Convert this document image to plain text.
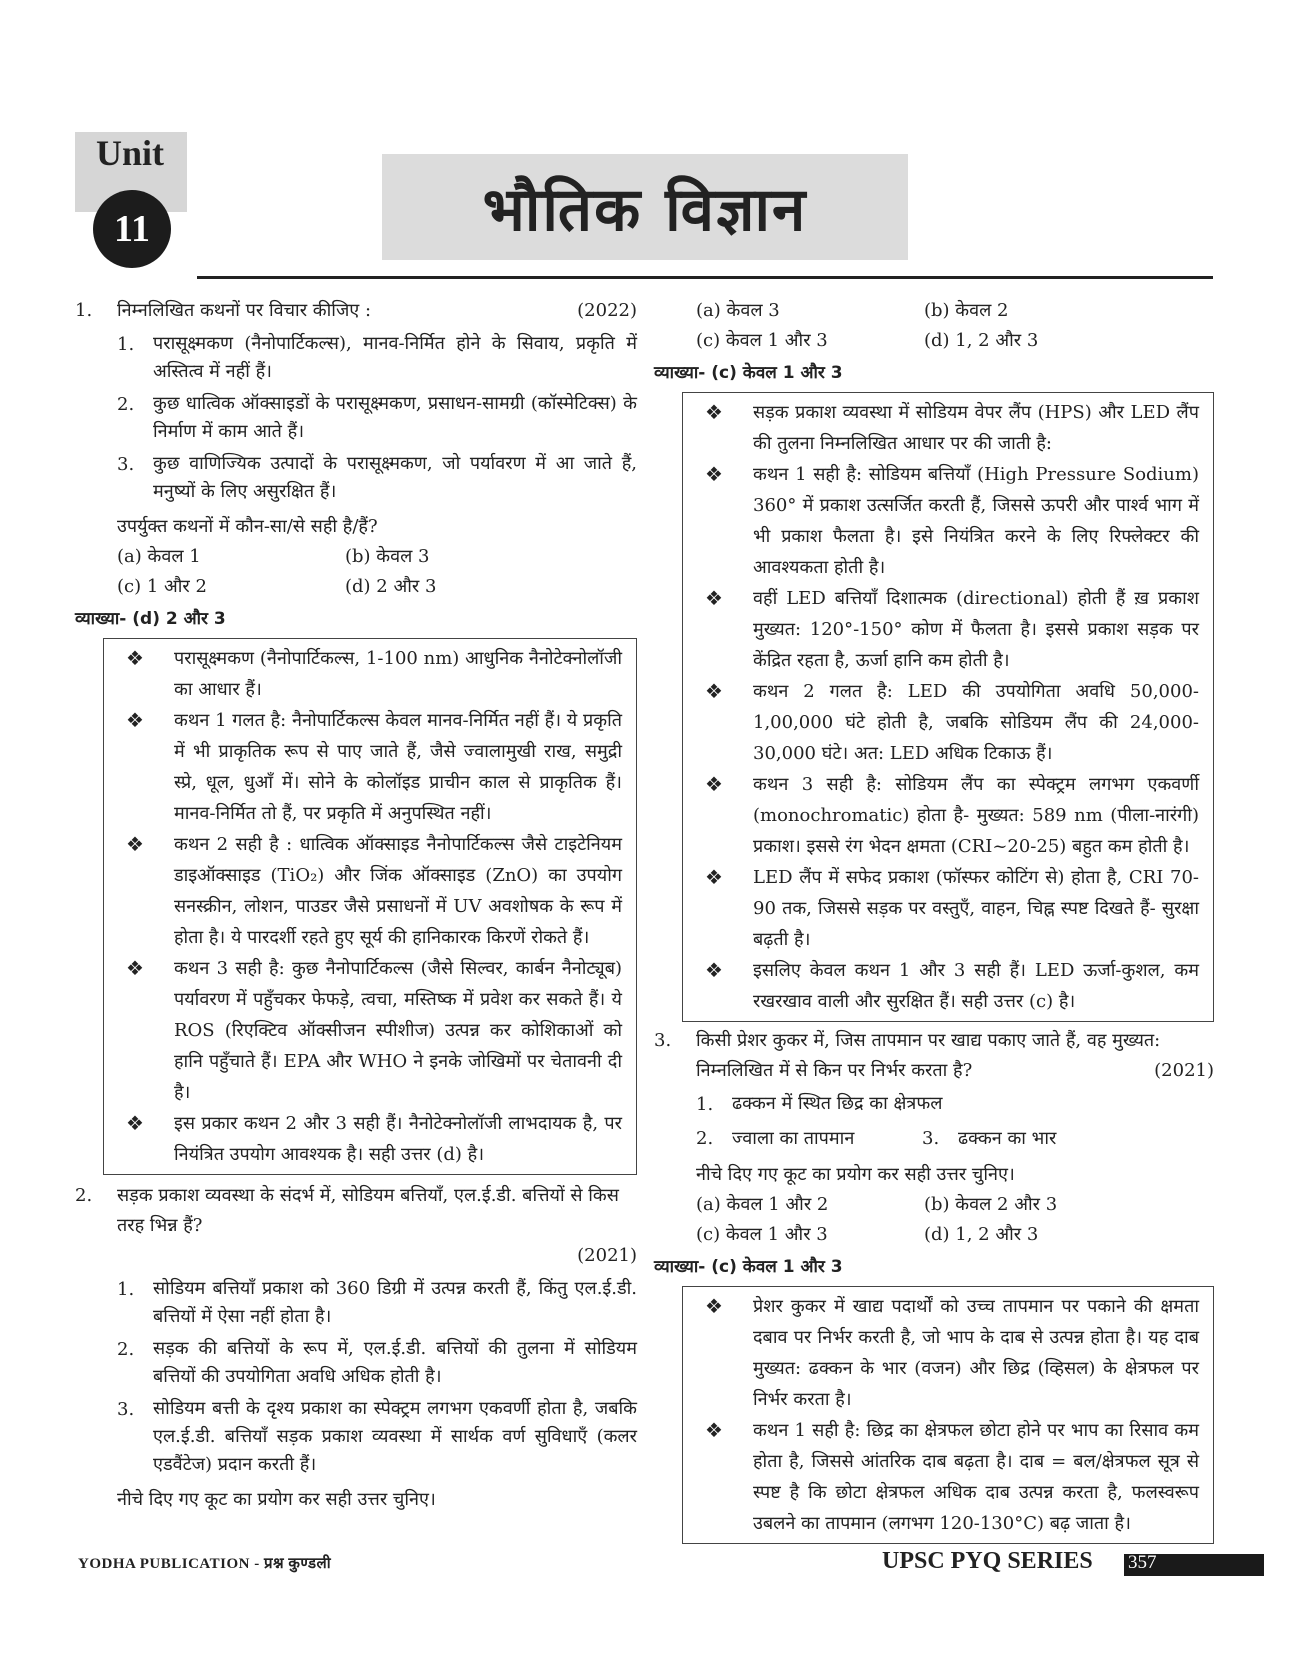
Unit
11	भौतिक विज्ञान
1.	निम्नलिखित कथनों पर विचार कीजिए :	(2022)
1.	परासूक्ष्मकण (नैनोपार्टिकल्स), मानव-निर्मित होने के सिवाय, प्रकृति में अस्तित्व में नहीं हैं।
2.	कुछ धात्विक ऑक्साइडों के परासूक्ष्मकण, प्रसाधन-सामग्री (कॉस्मेटिक्स) के निर्माण में काम आते हैं।
3.	कुछ वाणिज्यिक उत्पादों के परासूक्ष्मकण, जो पर्यावरण में आ जाते हैं, मनुष्यों के लिए असुरक्षित हैं।
उपर्युक्त कथनों में कौन-सा/से सही है/हैं?
(a) केवल 1	(b) केवल 3
(c) 1 और 2	(d) 2 और 3
व्याख्या- (d) 2 और 3
❖	परासूक्ष्मकण (नैनोपार्टिकल्स, 1-100 nm) आधुनिक नैनोटेक्नोलॉजी का आधार हैं।
❖	कथन 1 गलत है: नैनोपार्टिकल्स केवल मानव-निर्मित नहीं हैं। ये प्रकृति में भी प्राकृतिक रूप से पाए जाते हैं, जैसे ज्वालामुखी राख, समुद्री स्प्रे, धूल, धुआँ में। सोने के कोलॉइड प्राचीन काल से प्राकृतिक हैं। मानव-निर्मित तो हैं, पर प्रकृति में अनुपस्थित नहीं।
❖	कथन 2 सही है : धात्विक ऑक्साइड नैनोपार्टिकल्स जैसे टाइटेनियम डाइऑक्साइड (TiO₂) और जिंक ऑक्साइड (ZnO) का उपयोग सनस्क्रीन, लोशन, पाउडर जैसे प्रसाधनों में UV अवशोषक के रूप में होता है। ये पारदर्शी रहते हुए सूर्य की हानिकारक किरणें रोकते हैं।
❖	कथन 3 सही है: कुछ नैनोपार्टिकल्स (जैसे सिल्वर, कार्बन नैनोट्यूब) पर्यावरण में पहुँचकर फेफड़े, त्वचा, मस्तिष्क में प्रवेश कर सकते हैं। ये ROS (रिएक्टिव ऑक्सीजन स्पीशीज) उत्पन्न कर कोशिकाओं को हानि पहुँचाते हैं। EPA और WHO ने इनके जोखिमों पर चेतावनी दी है।
❖	इस प्रकार कथन 2 और 3 सही हैं। नैनोटेक्नोलॉजी लाभदायक है, पर नियंत्रित उपयोग आवश्यक है। सही उत्तर (d) है।
2.	सड़क प्रकाश व्यवस्था के संदर्भ में, सोडियम बत्तियाँ, एल.ई.डी. बत्तियों से किस तरह भिन्न हैं?
(2021)
1.	सोडियम बत्तियाँ प्रकाश को 360 डिग्री में उत्पन्न करती हैं, किंतु एल.ई.डी. बत्तियों में ऐसा नहीं होता है।
2.	सड़क की बत्तियों के रूप में, एल.ई.डी. बत्तियों की तुलना में सोडियम बत्तियों की उपयोगिता अवधि अधिक होती है।
3.	सोडियम बत्ती के दृश्य प्रकाश का स्पेक्ट्रम लगभग एकवर्णी होता है, जबकि एल.ई.डी. बत्तियाँ सड़क प्रकाश व्यवस्था में सार्थक वर्ण सुविधाएँ (कलर एडवैंटेज) प्रदान करती हैं।
नीचे दिए गए कूट का प्रयोग कर सही उत्तर चुनिए।
(a) केवल 3	(b) केवल 2
(c) केवल 1 और 3	(d) 1, 2 और 3
व्याख्या- (c) केवल 1 और 3
❖	सड़क प्रकाश व्यवस्था में सोडियम वेपर लैंप (HPS) और LED लैंप की तुलना निम्नलिखित आधार पर की जाती है:
❖	कथन 1 सही है: सोडियम बत्तियाँ (High Pressure Sodium) 360° में प्रकाश उत्सर्जित करती हैं, जिससे ऊपरी और पार्श्व भाग में भी प्रकाश फैलता है। इसे नियंत्रित करने के लिए रिफ्लेक्टर की आवश्यकता होती है।
❖	वहीं LED बत्तियाँ दिशात्मक (directional) होती हैं ख़ प्रकाश मुख्यत: 120°-150° कोण में फैलता है। इससे प्रकाश सड़क पर केंद्रित रहता है, ऊर्जा हानि कम होती है।
❖	कथन 2 गलत है: LED की उपयोगिता अवधि 50,000-1,00,000 घंटे होती है, जबकि सोडियम लैंप की 24,000-30,000 घंटे। अत: LED अधिक टिकाऊ हैं।
❖	कथन 3 सही है: सोडियम लैंप का स्पेक्ट्रम लगभग एकवर्णी (monochromatic) होता है- मुख्यत: 589 nm (पीला-नारंगी) प्रकाश। इससे रंग भेदन क्षमता (CRI~20-25) बहुत कम होती है।
❖	LED लैंप में सफेद प्रकाश (फॉस्फर कोटिंग से) होता है, CRI 70-90 तक, जिससे सड़क पर वस्तुएँ, वाहन, चिह्न स्पष्ट दिखते हैं- सुरक्षा बढ़ती है।
❖	इसलिए केवल कथन 1 और 3 सही हैं। LED ऊर्जा-कुशल, कम रखरखाव वाली और सुरक्षित हैं। सही उत्तर (c) है।
3.	किसी प्रेशर कुकर में, जिस तापमान पर खाद्य पकाए जाते हैं, वह मुख्यत: निम्नलिखित में से किन पर निर्भर करता है?	(2021)
1.	ढक्कन में स्थित छिद्र का क्षेत्रफल
2.	ज्वाला का तापमान	3.	ढक्कन का भार
नीचे दिए गए कूट का प्रयोग कर सही उत्तर चुनिए।
(a) केवल 1 और 2	(b) केवल 2 और 3
(c) केवल 1 और 3	(d) 1, 2 और 3
व्याख्या- (c) केवल 1 और 3
❖	प्रेशर कुकर में खाद्य पदार्थों को उच्च तापमान पर पकाने की क्षमता दबाव पर निर्भर करती है, जो भाप के दाब से उत्पन्न होता है। यह दाब मुख्यत: ढक्कन के भार (वजन) और छिद्र (व्हिसल) के क्षेत्रफल पर निर्भर करता है।
❖	कथन 1 सही है: छिद्र का क्षेत्रफल छोटा होने पर भाप का रिसाव कम होता है, जिससे आंतरिक दाब बढ़ता है। दाब = बल/क्षेत्रफल सूत्र से स्पष्ट है कि छोटा क्षेत्रफल अधिक दाब उत्पन्न करता है, फलस्वरूप उबलने का तापमान (लगभग 120-130°C) बढ़ जाता है।
YODHA PUBLICATION - प्रश्न कुण्डली	UPSC PYQ SERIES 357
